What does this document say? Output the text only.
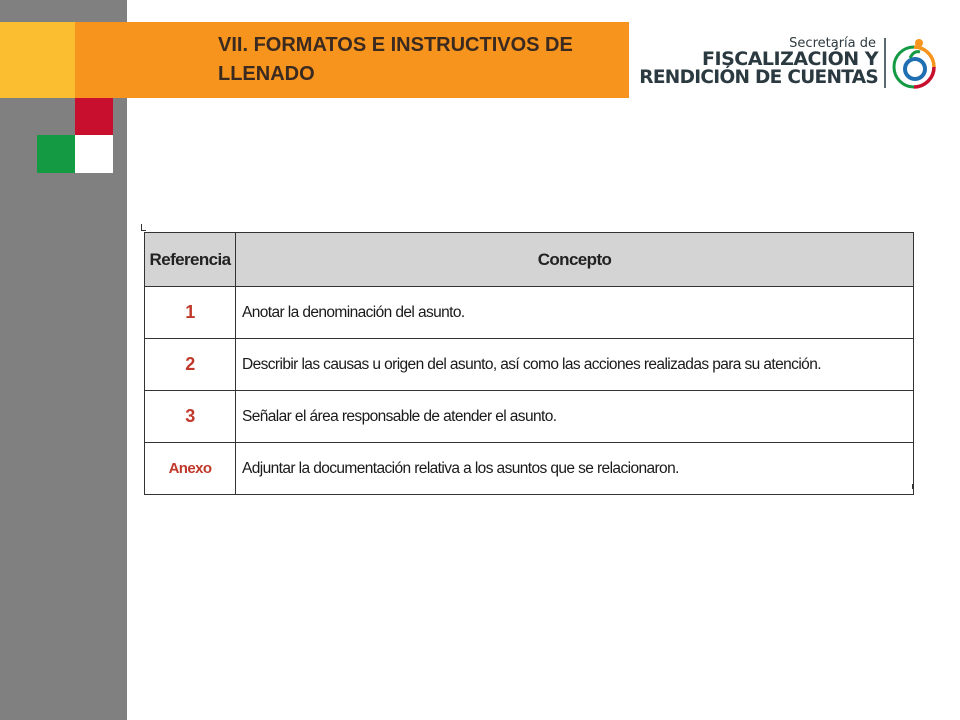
VII. FORMATOS E INSTRUCTIVOS DE LLENADO
Secretaría de
FISCALIZACIÓN Y
RENDICIÓN DE CUENTAS
Referencia	Concepto
1	Anotar la denominación del asunto.
2	Describir las causas u origen del asunto, así como las acciones realizadas para su atención.
3	Señalar el área responsable de atender el asunto.
Anexo	Adjuntar la documentación relativa a los asuntos que se relacionaron.
